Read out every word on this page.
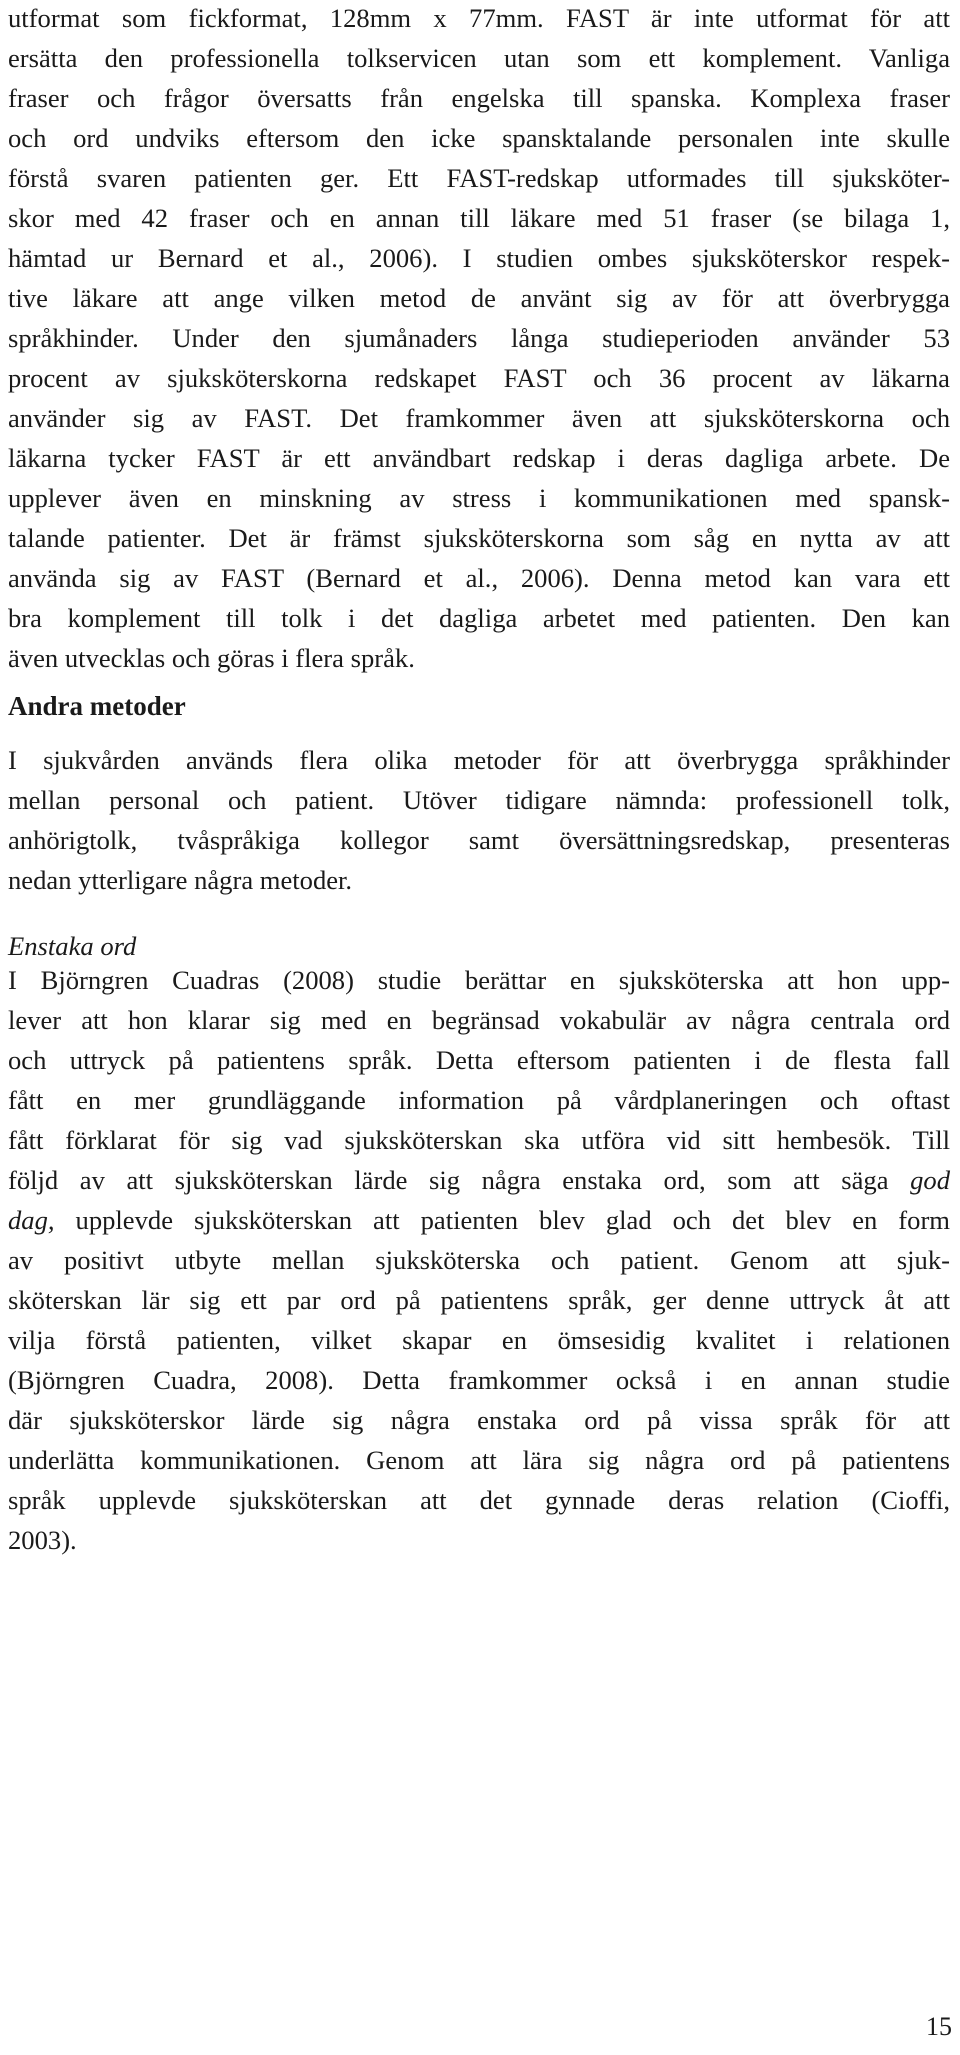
utformat som fickformat, 128mm x 77mm. FAST är inte utformat för att
ersätta den professionella tolkservicen utan som ett komplement. Vanliga
fraser och frågor översatts från engelska till spanska. Komplexa fraser
och ord undviks eftersom den icke spansktalande personalen inte skulle
förstå svaren patienten ger. Ett FAST-redskap utformades till sjuksköter-
skor med 42 fraser och en annan till läkare med 51 fraser (se bilaga 1,
hämtad ur Bernard et al., 2006). I studien ombes sjuksköterskor respek-
tive läkare att ange vilken metod de använt sig av för att överbrygga
språkhinder. Under den sjumånaders långa studieperioden använder 53
procent av sjuksköterskorna redskapet FAST och 36 procent av läkarna
använder sig av FAST. Det framkommer även att sjuksköterskorna och
läkarna tycker FAST är ett användbart redskap i deras dagliga arbete. De
upplever även en minskning av stress i kommunikationen med spansk-
talande patienter. Det är främst sjuksköterskorna som såg en nytta av att
använda sig av FAST (Bernard et al., 2006). Denna metod kan vara ett
bra komplement till tolk i det dagliga arbetet med patienten. Den kan
även utvecklas och göras i flera språk.
Andra metoder
I sjukvården används flera olika metoder för att överbrygga språkhinder
mellan personal och patient. Utöver tidigare nämnda: professionell tolk,
anhörigtolk, tvåspråkiga kollegor samt översättningsredskap, presenteras
nedan ytterligare några metoder.
Enstaka ord
I Björngren Cuadras (2008) studie berättar en sjuksköterska att hon upp-
lever att hon klarar sig med en begränsad vokabulär av några centrala ord
och uttryck på patientens språk. Detta eftersom patienten i de flesta fall
fått en mer grundläggande information på vårdplaneringen och oftast
fått förklarat för sig vad sjuksköterskan ska utföra vid sitt hembesök. Till
följd av att sjuksköterskan lärde sig några enstaka ord, som att säga god
dag, upplevde sjuksköterskan att patienten blev glad och det blev en form
av positivt utbyte mellan sjuksköterska och patient. Genom att sjuk-
sköterskan lär sig ett par ord på patientens språk, ger denne uttryck åt att
vilja förstå patienten, vilket skapar en ömsesidig kvalitet i relationen
(Björngren Cuadra, 2008). Detta framkommer också i en annan studie
där sjuksköterskor lärde sig några enstaka ord på vissa språk för att
underlätta kommunikationen. Genom att lära sig några ord på patientens
språk upplevde sjuksköterskan att det gynnade deras relation (Cioffi,
2003).
15
